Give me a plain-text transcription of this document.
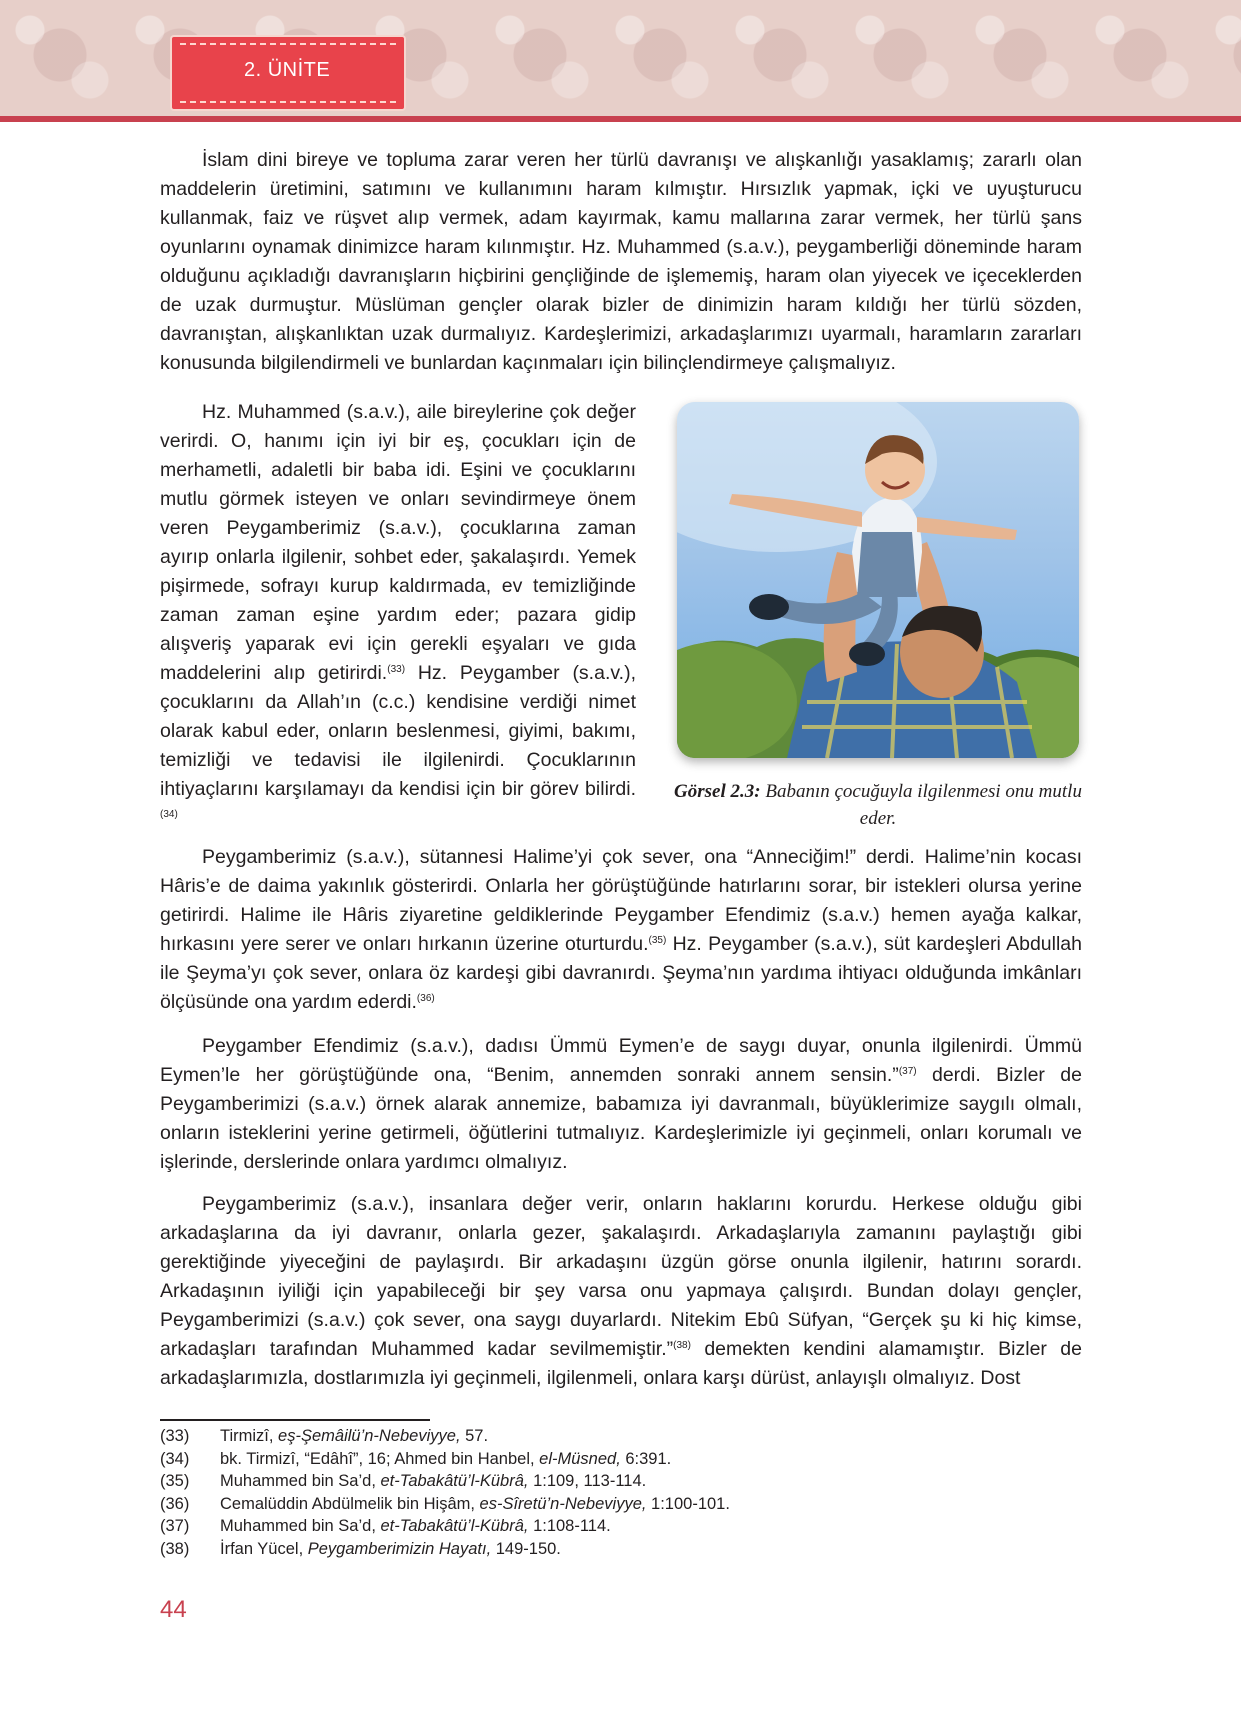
2. ÜNİTE

İslam dini bireye ve topluma zarar veren her türlü davranışı ve alışkanlığı yasaklamış; zararlı olan maddelerin üretimini, satımını ve kullanımını haram kılmıştır. Hırsızlık yapmak, içki ve uyuşturucu kullanmak, faiz ve rüşvet alıp vermek, adam kayırmak, kamu mallarına zarar vermek, her türlü şans oyunlarını oynamak dinimizce haram kılınmıştır. Hz. Muhammed (s.a.v.), peygamberliği döneminde haram olduğunu açıkladığı davranışların hiçbirini gençliğinde de işlememiş, haram olan yiyecek ve içeceklerden de uzak durmuştur. Müslüman gençler olarak bizler de dinimizin haram kıldığı her türlü sözden, davranıştan, alışkanlıktan uzak durmalıyız. Kardeşlerimizi, arkadaşlarımızı uyarmalı, haramların zararları konusunda bilgilendirmeli ve bunlardan kaçınmaları için bilinçlendirmeye çalışmalıyız.

Hz. Muhammed (s.a.v.), aile bireylerine çok değer verirdi. O, hanımı için iyi bir eş, çocukları için de merhametli, adaletli bir baba idi. Eşini ve çocuklarını mutlu görmek isteyen ve onları sevindirmeye önem veren Peygamberimiz (s.a.v.), çocuklarına zaman ayırıp onlarla ilgilenir, sohbet eder, şakalaşırdı. Yemek pişirmede, sofrayı kurup kaldırmada, ev temizliğinde zaman zaman eşine yardım eder; pazara gidip alışveriş yaparak evi için gerekli eşyaları ve gıda maddelerini alıp getirirdi.$^{(33)}$ Hz. Peygamber (s.a.v.), çocuklarını da Allah’ın (c.c.) kendisine verdiği nimet olarak kabul eder, onların beslenmesi, giyimi, bakımı, temizliği ve tedavisi ile ilgilenirdi. Çocuklarının ihtiyaçlarını karşılamayı da kendisi için bir görev bilirdi.$^{(34)}$

Görsel 2.3: Babanın çocuğuyla ilgilenmesi onu mutlu eder.

Peygamberimiz (s.a.v.), sütannesi Halime’yi çok sever, ona “Anneciğim!” derdi. Halime’nin kocası Hâris’e de daima yakınlık gösterirdi. Onlarla her görüştüğünde hatırlarını sorar, bir istekleri olursa yerine getirirdi. Halime ile Hâris ziyaretine geldiklerinde Peygamber Efendimiz (s.a.v.) hemen ayağa kalkar, hırkasını yere serer ve onları hırkanın üzerine oturturdu.$^{(35)}$ Hz. Peygamber (s.a.v.), süt kardeşleri Abdullah ile Şeyma’yı çok sever, onlara öz kardeşi gibi davranırdı. Şeyma’nın yardıma ihtiyacı olduğunda imkânları ölçüsünde ona yardım ederdi.$^{(36)}$

Peygamber Efendimiz (s.a.v.), dadısı Ümmü Eymen’e de saygı duyar, onunla ilgilenirdi. Ümmü Eymen’le her görüştüğünde ona, “Benim, annemden sonraki annem sensin.”$^{(37)}$ derdi. Bizler de Peygamberimizi (s.a.v.) örnek alarak annemize, babamıza iyi davranmalı, büyüklerimize saygılı olmalı, onların isteklerini yerine getirmeli, öğütlerini tutmalıyız. Kardeşlerimizle iyi geçinmeli, onları korumalı ve işlerinde, derslerinde onlara yardımcı olmalıyız.

Peygamberimiz (s.a.v.), insanlara değer verir, onların haklarını korurdu. Herkese olduğu gibi arkadaşlarına da iyi davranır, onlarla gezer, şakalaşırdı. Arkadaşlarıyla zamanını paylaştığı gibi gerektiğinde yiyeceğini de paylaşırdı. Bir arkadaşını üzgün görse onunla ilgilenir, hatırını sorardı. Arkadaşının iyiliği için yapabileceği bir şey varsa onu yapmaya çalışırdı. Bundan dolayı gençler, Peygamberimizi (s.a.v.) çok sever, ona saygı duyarlardı. Nitekim Ebû Süfyan, “Gerçek şu ki hiç kimse, arkadaşları tarafından Muhammed kadar sevilmemiştir.”$^{(38)}$ demekten kendini alamamıştır. Bizler de arkadaşlarımızla, dostlarımızla iyi geçinmeli, ilgilenmeli, onlara karşı dürüst, anlayışlı olmalıyız. Dost

(33)	Tirmizî, eş-Şemâilü’n-Nebeviyye, 57.
(34)	bk. Tirmizî, “Edâhî”, 16; Ahmed bin Hanbel, el-Müsned, 6:391.
(35)	Muhammed bin Sa’d, et-Tabakâtü’l-Kübrâ, 1:109, 113-114.
(36)	Cemalüddin Abdülmelik bin Hişâm, es-Sîretü’n-Nebeviyye, 1:100-101.
(37)	Muhammed bin Sa’d, et-Tabakâtü’l-Kübrâ, 1:108-114.
(38)	İrfan Yücel, Peygamberimizin Hayatı, 149-150.
44
